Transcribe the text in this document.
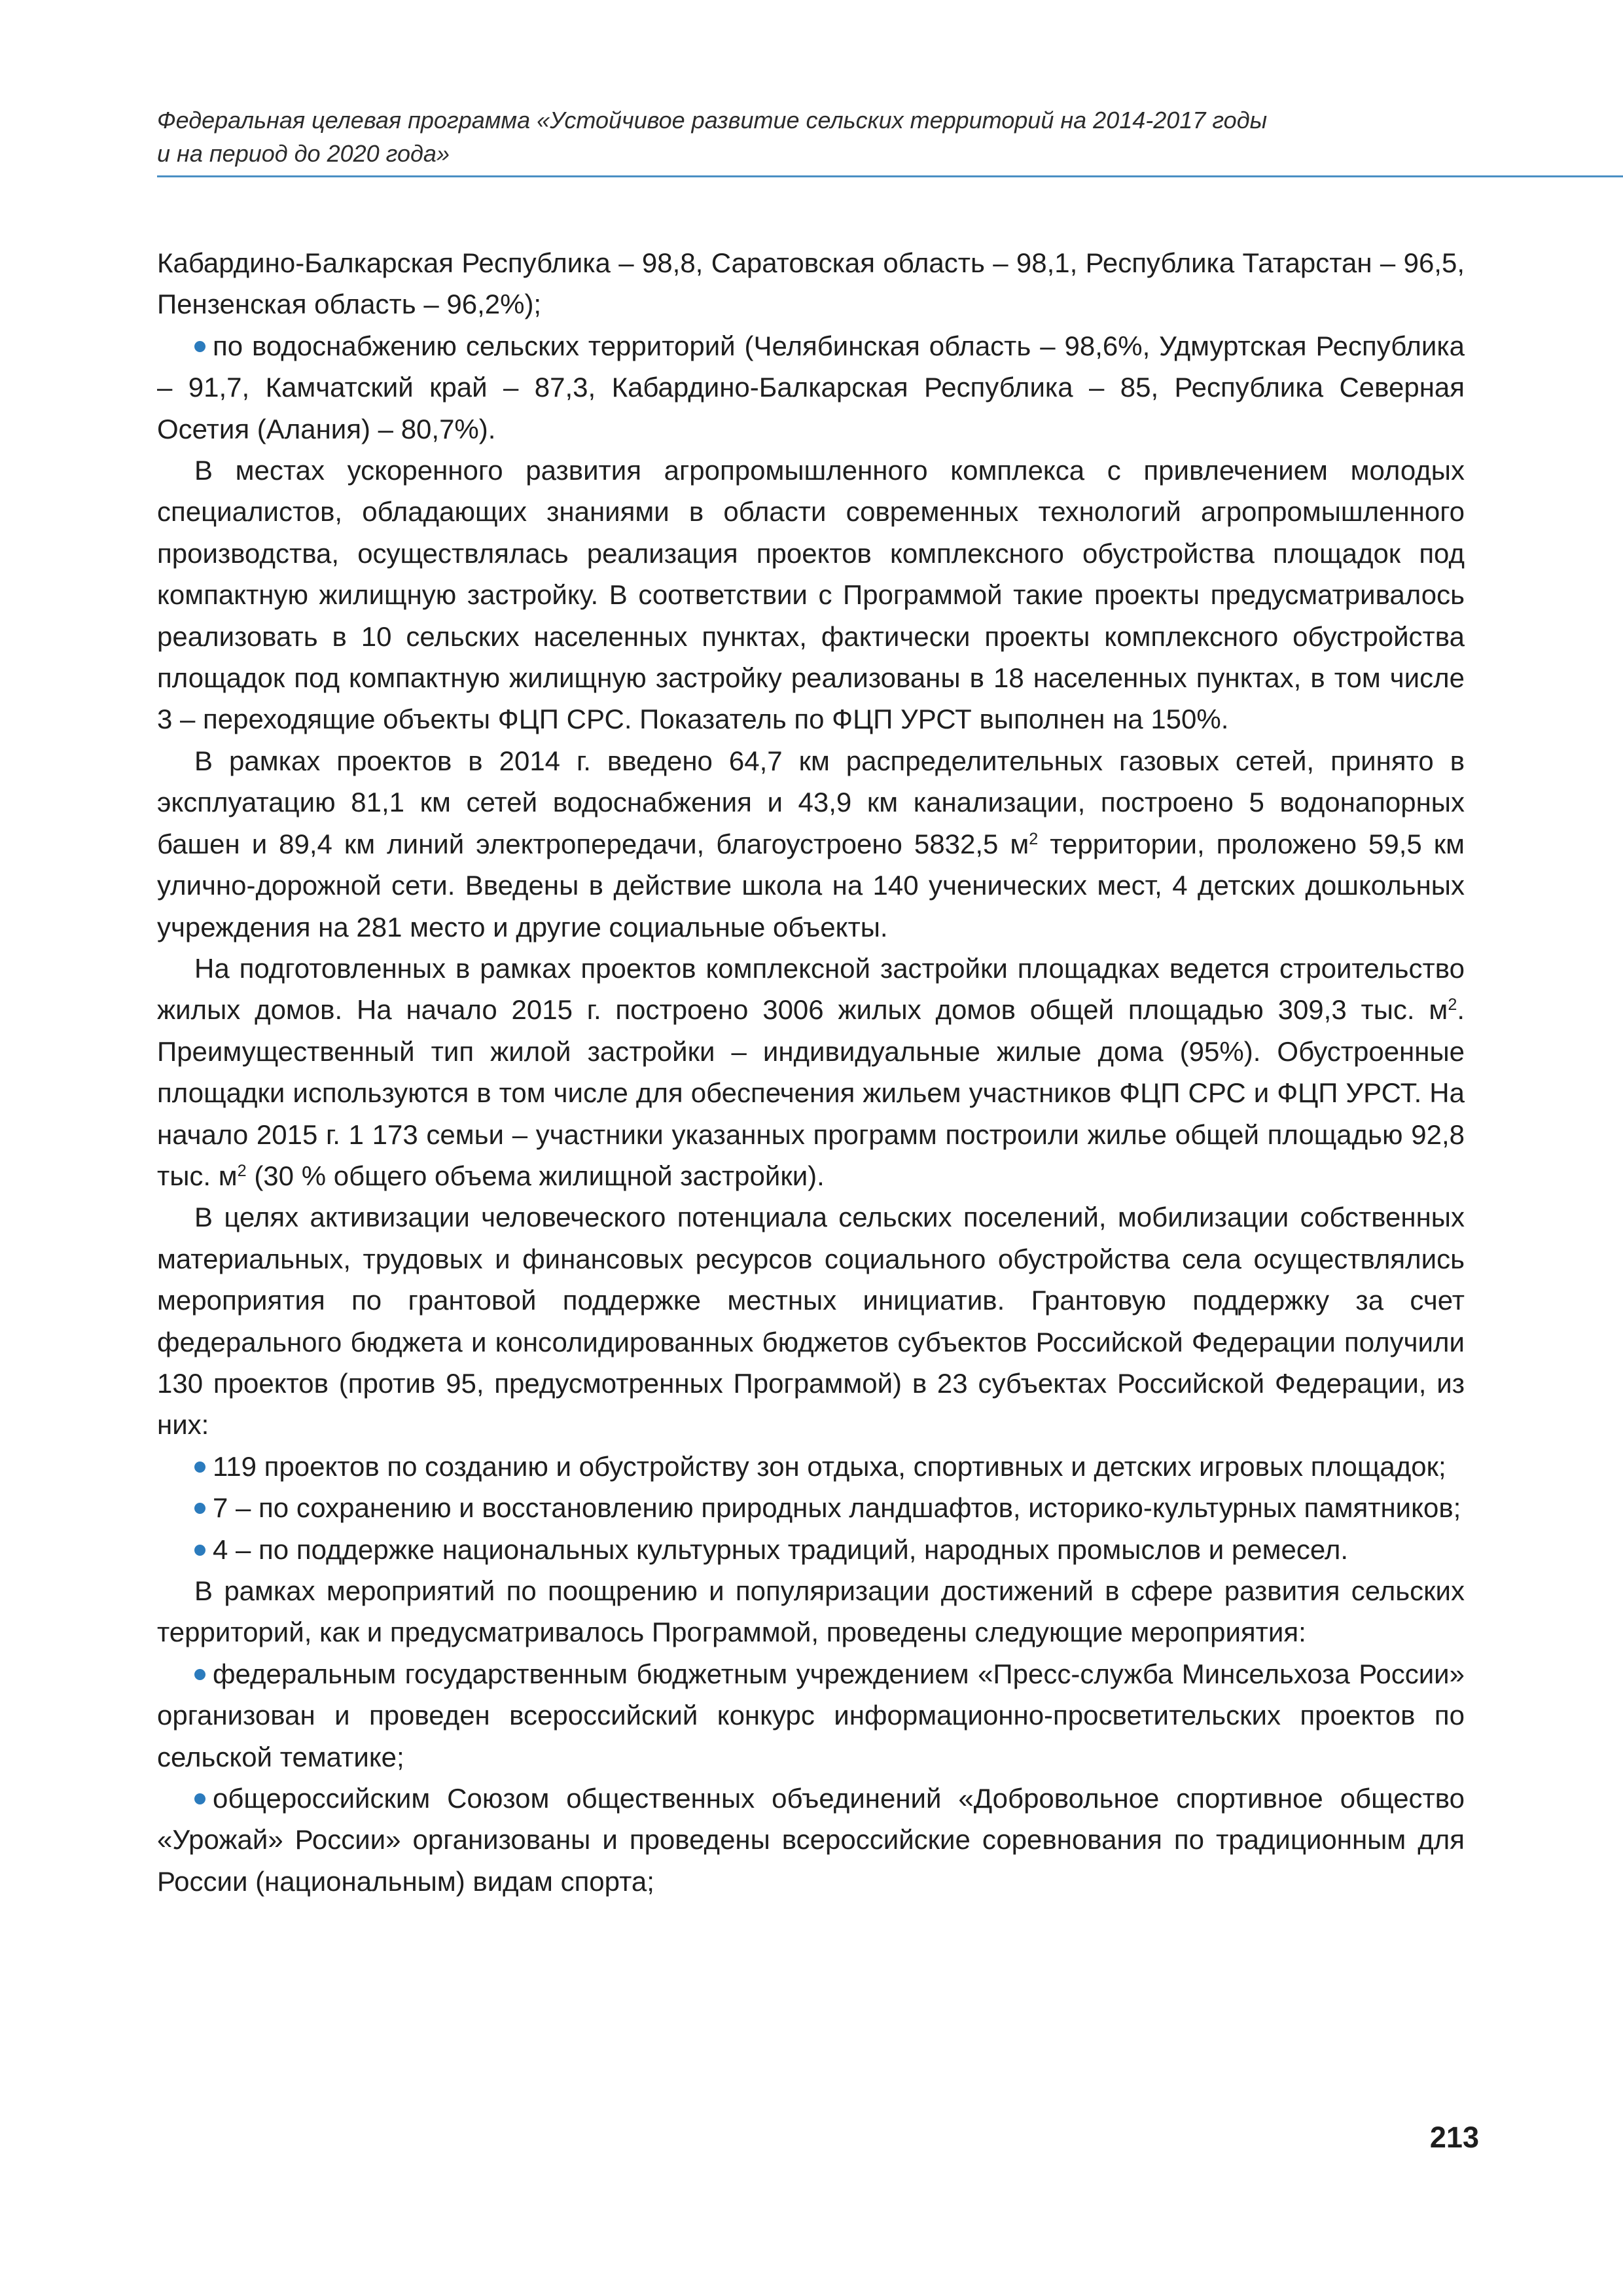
Федеральная целевая программа «Устойчивое развитие сельских территорий на 2014-2017 годы
и на период до 2020 года»

Кабардино-Балкарская Республика – 98,8, Саратовская область – 98,1, Республика Татарстан – 96,5, Пензенская область – 96,2%);

по водоснабжению сельских территорий (Челябинская область – 98,6%, Удмуртская Республика – 91,7, Камчатский край – 87,3, Кабардино-Балкарская Республика – 85, Республика Северная Осетия (Алания) – 80,7%).

В местах ускоренного развития агропромышленного комплекса с привлечением молодых специалистов, обладающих знаниями в области современных технологий агропромышленного производства, осуществлялась реализация проектов комплексного обустройства площадок под компактную жилищную застройку. В соответствии с Программой такие проекты предусматривалось реализовать в 10 сельских населенных пунктах, фактически проекты комплексного обустройства площадок под компактную жилищную застройку реализованы в 18 населенных пунктах, в том числе 3 – переходящие объекты ФЦП СРС. Показатель по ФЦП УРСТ выполнен на 150%.

В рамках проектов в 2014 г. введено 64,7 км распределительных газовых сетей, принято в эксплуатацию 81,1 км сетей водоснабжения и 43,9 км канализации, построено 5 водонапорных башен и 89,4 км линий электропередачи, благоустроено 5832,5 $м^2$ территории, проложено 59,5 км улично-дорожной сети. Введены в действие школа на 140 ученических мест, 4 детских дошкольных учреждения на 281 место и другие социальные объекты.

На подготовленных в рамках проектов комплексной застройки площадках ведется строительство жилых домов. На начало 2015 г. построено 3006 жилых домов общей площадью 309,3 тыс. $м^2$. Преимущественный тип жилой застройки – индивидуальные жилые дома (95%). Обустроенные площадки используются в том числе для обеспечения жильем участников ФЦП СРС и ФЦП УРСТ. На начало 2015 г. 1 173 семьи – участники указанных программ построили жилье общей площадью 92,8 тыс. $м^2$ (30 % общего объема жилищной застройки).

В целях активизации человеческого потенциала сельских поселений, мобилизации собственных материальных, трудовых и финансовых ресурсов социального обустройства села осуществлялись мероприятия по грантовой поддержке местных инициатив. Грантовую поддержку за счет федерального бюджета и консолидированных бюджетов субъектов Российской Федерации получили 130 проектов (против 95, предусмотренных Программой) в 23 субъектах Российской Федерации, из них:

119 проектов по созданию и обустройству зон отдыха, спортивных и детских игровых площадок;

7 – по сохранению и восстановлению природных ландшафтов, историко-культурных памятников;

4 – по поддержке национальных культурных традиций, народных промыслов и ремесел.

В рамках мероприятий по поощрению и популяризации достижений в сфере развития сельских территорий, как и предусматривалось Программой, проведены следующие мероприятия:

федеральным государственным бюджетным учреждением «Пресс-служба Минсельхоза России» организован и проведен всероссийский конкурс информационно-просветительских проектов по сельской тематике;

общероссийским Союзом общественных объединений «Добровольное спортивное общество «Урожай» России» организованы и проведены всероссийские соревнования по традиционным для России (национальным) видам спорта;

213
